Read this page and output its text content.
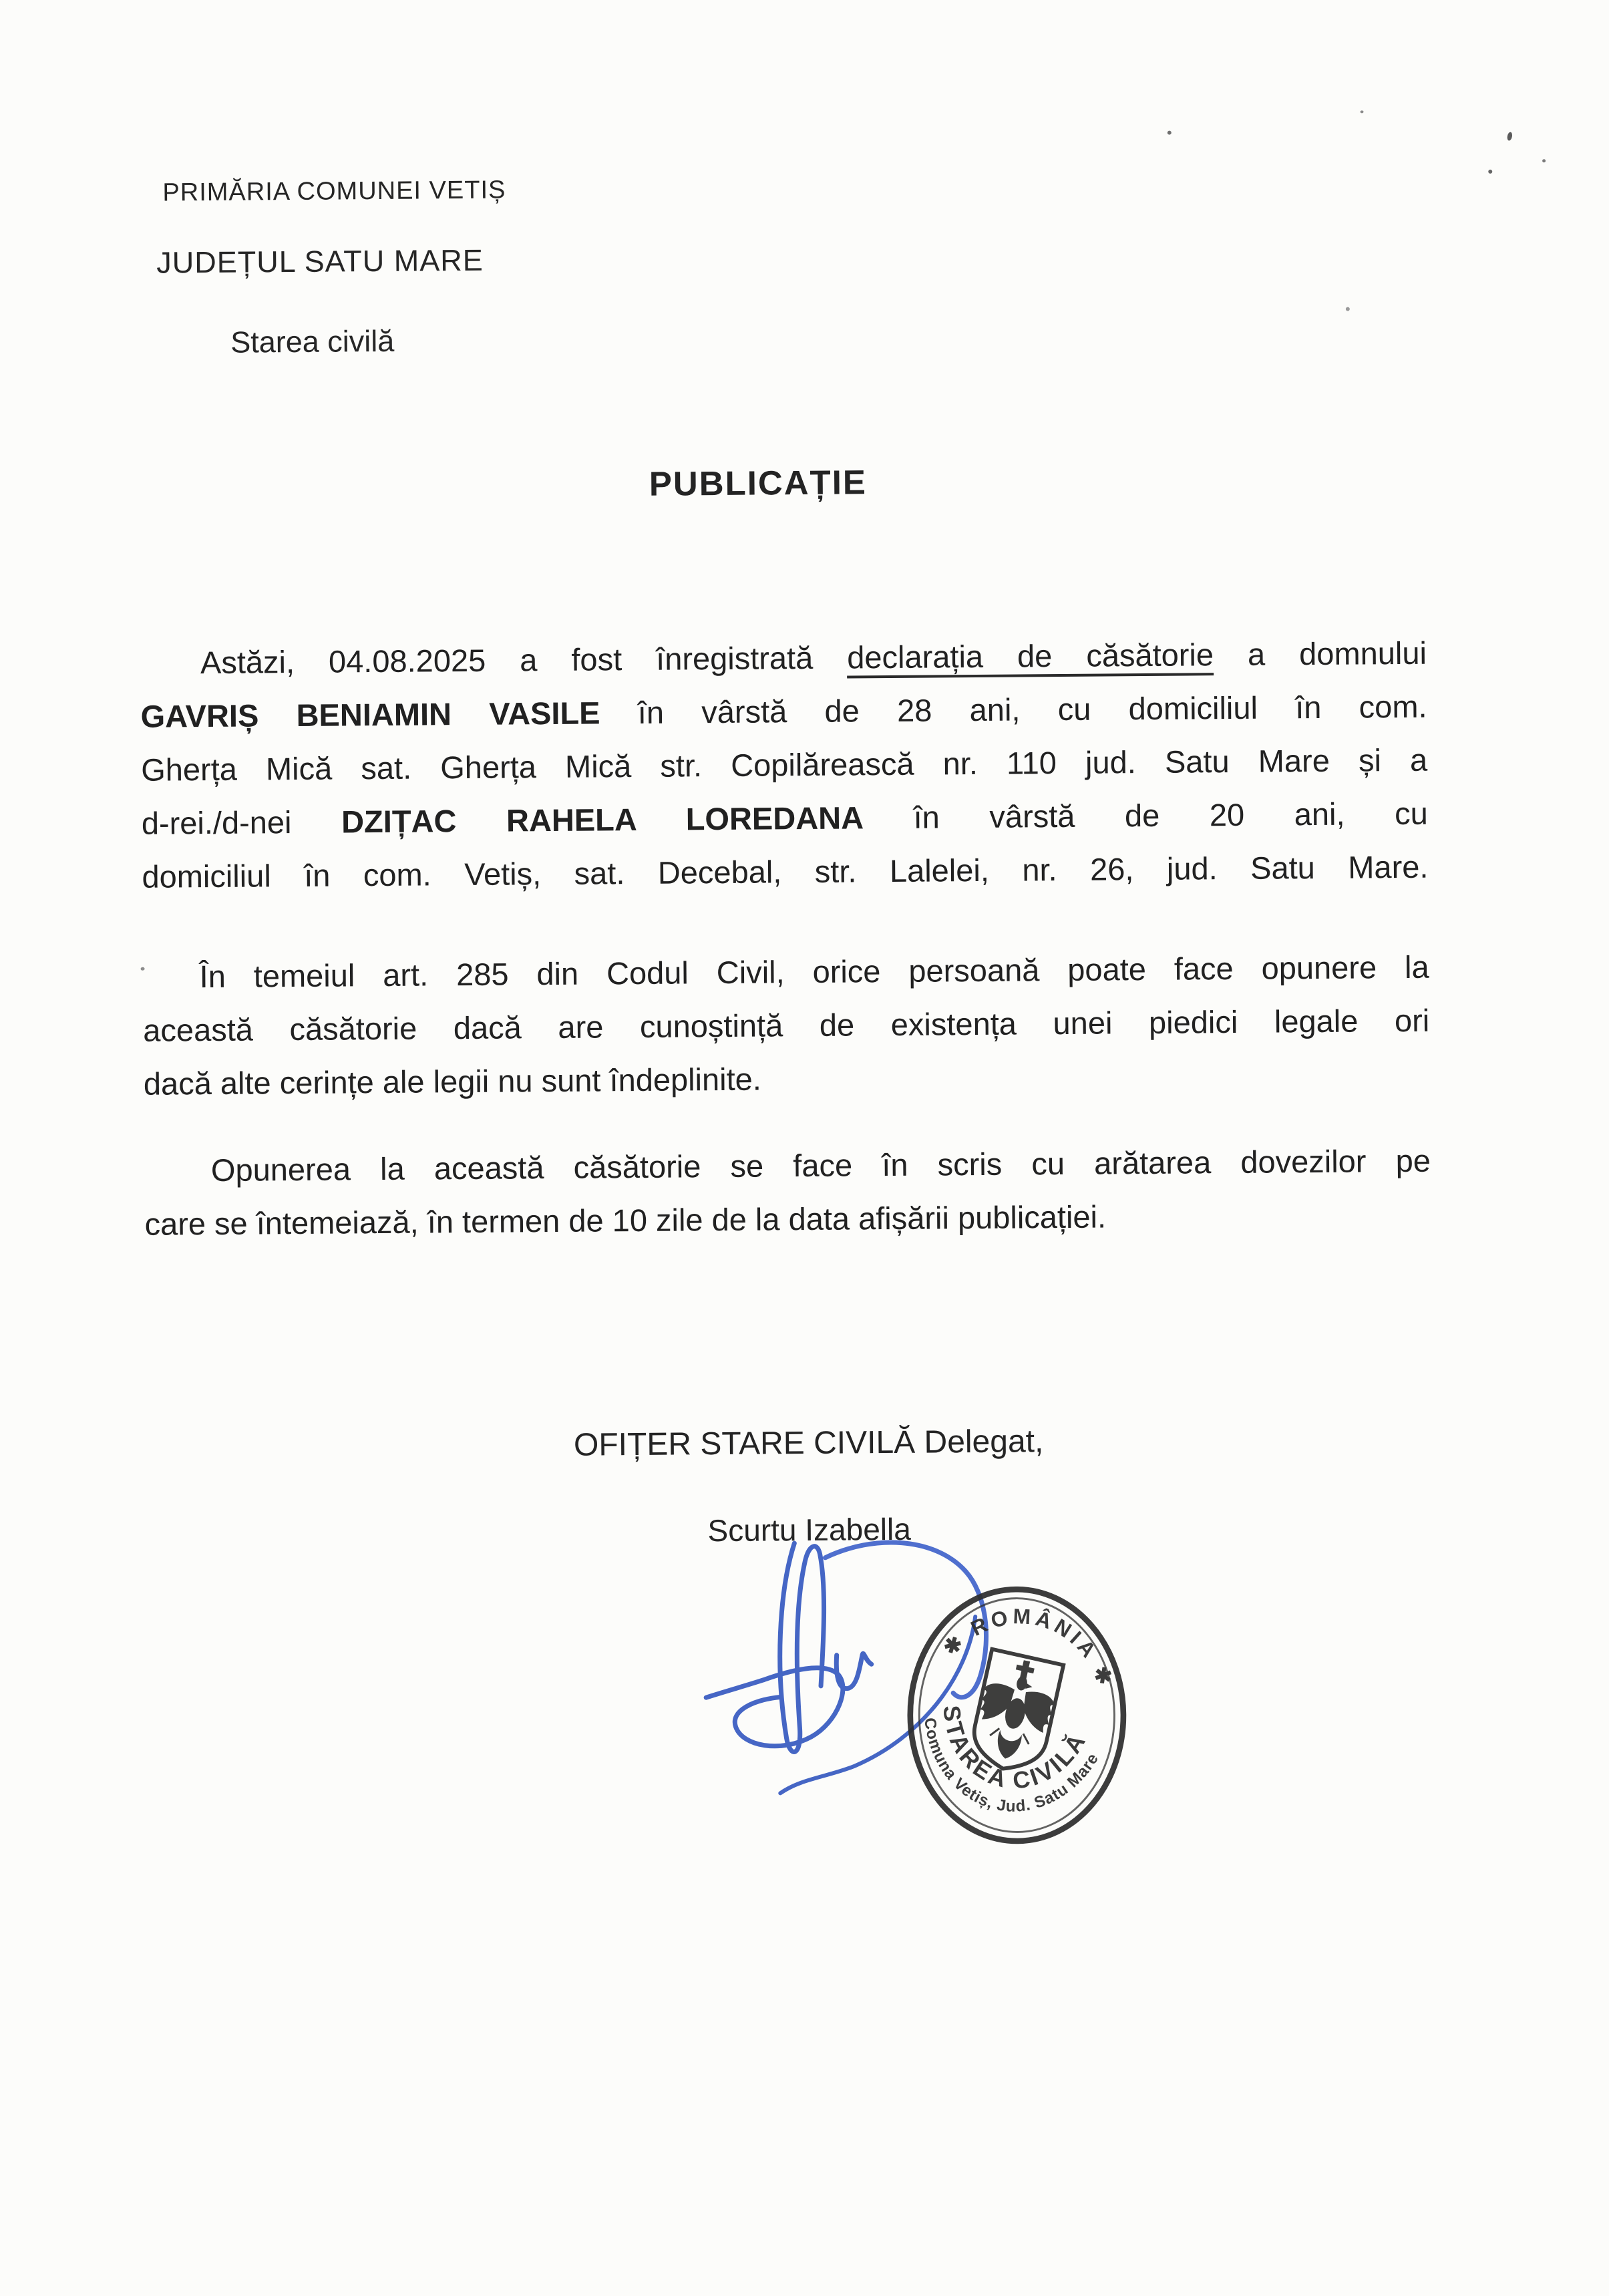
PRIMĂRIA COMUNEI VETIȘ
JUDEȚUL SATU MARE
Starea civilă
PUBLICAȚIE
Astăzi, 04.08.2025 a fost înregistrată declarația de căsătorie a domnului
GAVRIȘ BENIAMIN VASILE în vârstă de 28 ani, cu domiciliul în com.
Gherța Mică sat. Gherța Mică str. Copilărească nr. 110 jud. Satu Mare și a
d-rei./d-nei DZIȚAC RAHELA LOREDANA în vârstă de 20 ani, cu
domiciliul în com. Vetiș, sat. Decebal, str. Lalelei, nr. 26, jud. Satu Mare.
În temeiul art. 285 din Codul Civil, orice persoană poate face opunere la
această căsătorie dacă are cunoștință de existența unei piedici legale ori
dacă alte cerințe ale legii nu sunt îndeplinite.
Opunerea la această căsătorie se face în scris cu arătarea dovezilor pe
care se întemeiază, în termen de 10 zile de la data afișării publicației.
OFIȚER STARE CIVILĂ Delegat,
Scurtu Izabella
✱ ROMÂNIA ✱
STAREA CIVILĂ
Comuna Vetiș, Jud. Satu Mare
